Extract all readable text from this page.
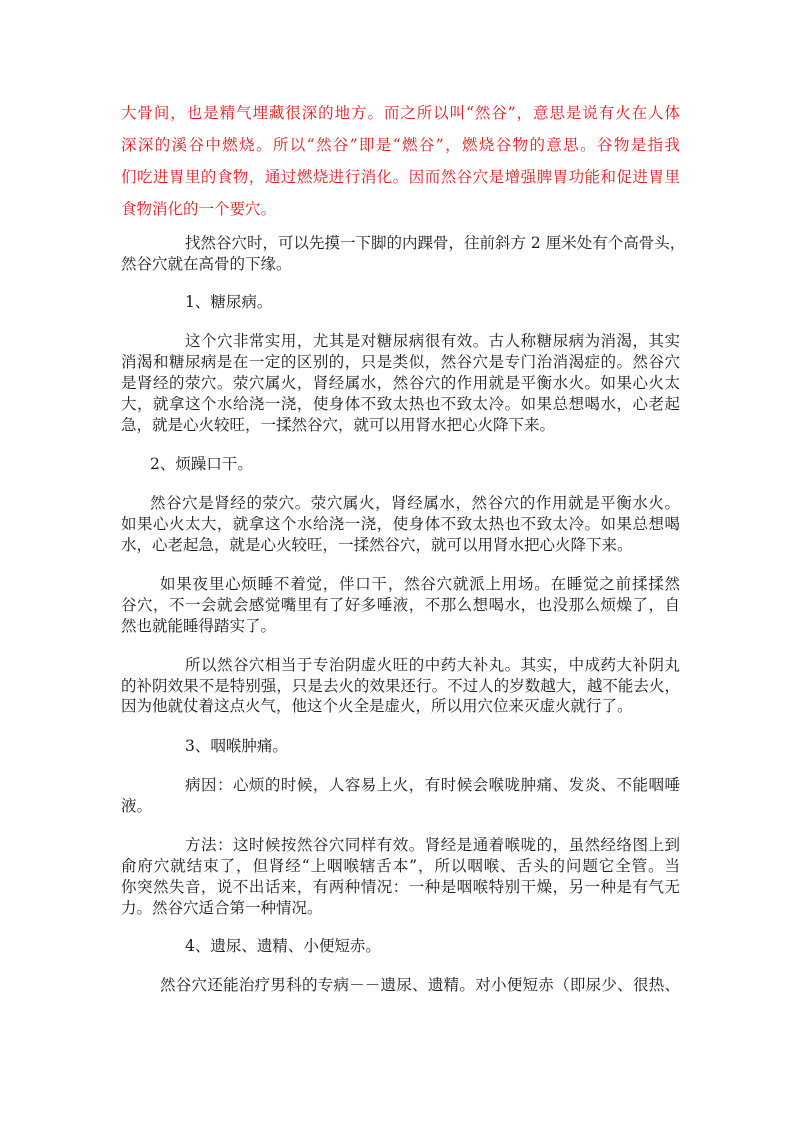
大骨间，也是精气埋藏很深的地方。而之所以叫“然谷”，意思是说有火在人体
深深的溪谷中燃烧。所以“然谷”即是“燃谷”，燃烧谷物的意思。谷物是指我
们吃进胃里的食物，通过燃烧进行消化。因而然谷穴是增强脾胃功能和促进胃里
食物消化的一个要穴。
找然谷穴时，可以先摸一下脚的内踝骨，往前斜方 2 厘米处有个高骨头，
然谷穴就在高骨的下缘。
1、糖尿病。
这个穴非常实用，尤其是对糖尿病很有效。古人称糖尿病为消渴，其实
消渴和糖尿病是在一定的区别的，只是类似，然谷穴是专门治消渴症的。然谷穴
是肾经的荥穴。荥穴属火，肾经属水，然谷穴的作用就是平衡水火。如果心火太
大，就拿这个水给浇一浇，使身体不致太热也不致太冷。如果总想喝水，心老起
急，就是心火较旺，一揉然谷穴，就可以用肾水把心火降下来。
2、烦躁口干。
然谷穴是肾经的荥穴。荥穴属火，肾经属水，然谷穴的作用就是平衡水火。
如果心火太大，就拿这个水给浇一浇，使身体不致太热也不致太冷。如果总想喝
水，心老起急，就是心火较旺，一揉然谷穴，就可以用肾水把心火降下来。
如果夜里心烦睡不着觉，伴口干，然谷穴就派上用场。在睡觉之前揉揉然
谷穴，不一会就会感觉嘴里有了好多唾液，不那么想喝水，也没那么烦燥了，自
然也就能睡得踏实了。
所以然谷穴相当于专治阴虚火旺的中药大补丸。其实，中成药大补阴丸
的补阴效果不是特别强，只是去火的效果还行。不过人的岁数越大，越不能去火，
因为他就仗着这点火气，他这个火全是虚火，所以用穴位来灭虚火就行了。
3、咽喉肿痛。
病因：心烦的时候，人容易上火，有时候会喉咙肿痛、发炎、不能咽唾
液。
方法：这时候按然谷穴同样有效。肾经是通着喉咙的，虽然经络图上到
俞府穴就结束了，但肾经“上咽喉辖舌本”，所以咽喉、舌头的问题它全管。当
你突然失音，说不出话来，有两种情况：一种是咽喉特别干燥，另一种是有气无
力。然谷穴适合第一种情况。
4、遗尿、遗精、小便短赤。
然谷穴还能治疗男科的专病－－遗尿、遗精。对小便短赤（即尿少、很热、
